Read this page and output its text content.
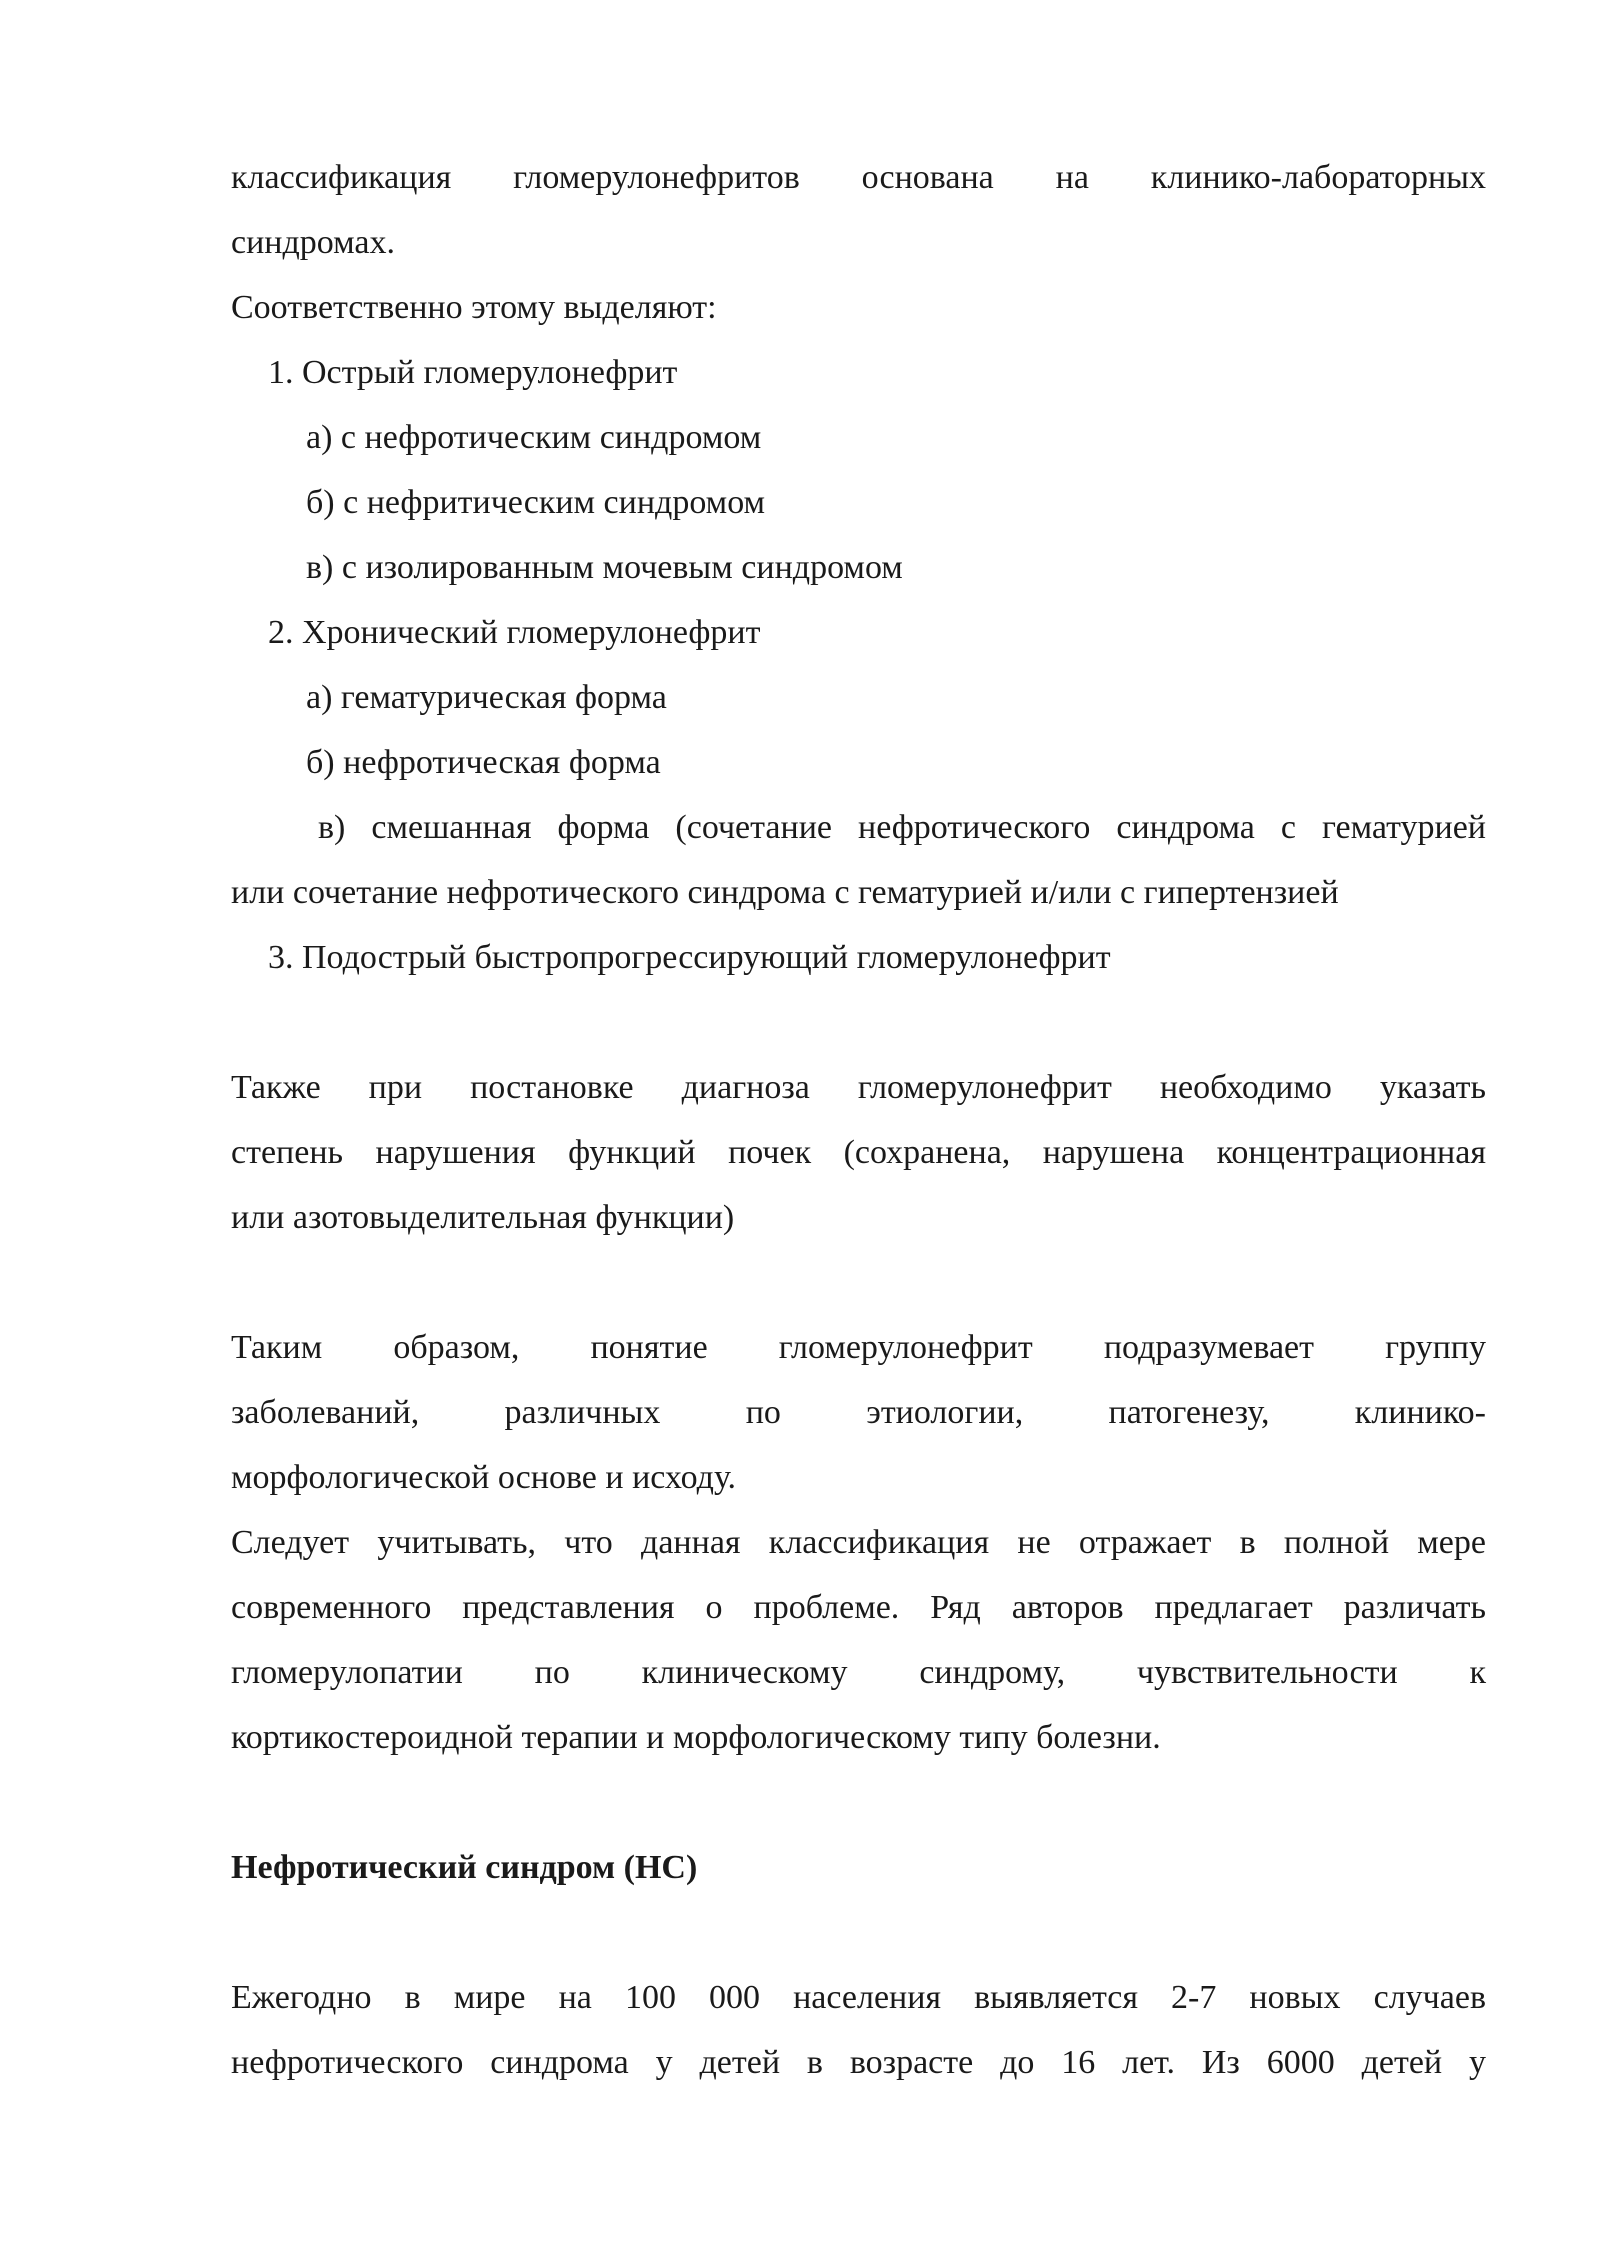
классификация гломерулонефритов основана на клинико-лабораторных
синдромах.
Соответственно этому выделяют:
1. Острый гломерулонефрит
а) с нефротическим синдромом
б) с нефритическим синдромом
в) с изолированным мочевым синдромом
2. Хронический гломерулонефрит
а) гематурическая форма
б) нефротическая форма
в) смешанная форма (сочетание нефротического синдрома с гематурией
или сочетание нефротического синдрома с гематурией и/или с гипертензией
3. Подострый быстропрогрессирующий гломерулонефрит
Также при постановке диагноза гломерулонефрит необходимо указать
степень нарушения функций почек (сохранена, нарушена концентрационная
или азотовыделительная функции)
Таким образом, понятие гломерулонефрит подразумевает группу
заболеваний, различных по этиологии, патогенезу, клинико-
морфологической основе и исходу.
Следует учитывать, что данная классификация не отражает в полной мере
современного представления о проблеме. Ряд авторов предлагает различать
гломерулопатии по клиническому синдрому, чувствительности к
кортикостероидной терапии и морфологическому типу болезни.
Нефротический синдром (НС)
Ежегодно в мире на 100 000 населения выявляется 2-7 новых случаев
нефротического синдрома у детей в возрасте до 16 лет. Из 6000 детей у
